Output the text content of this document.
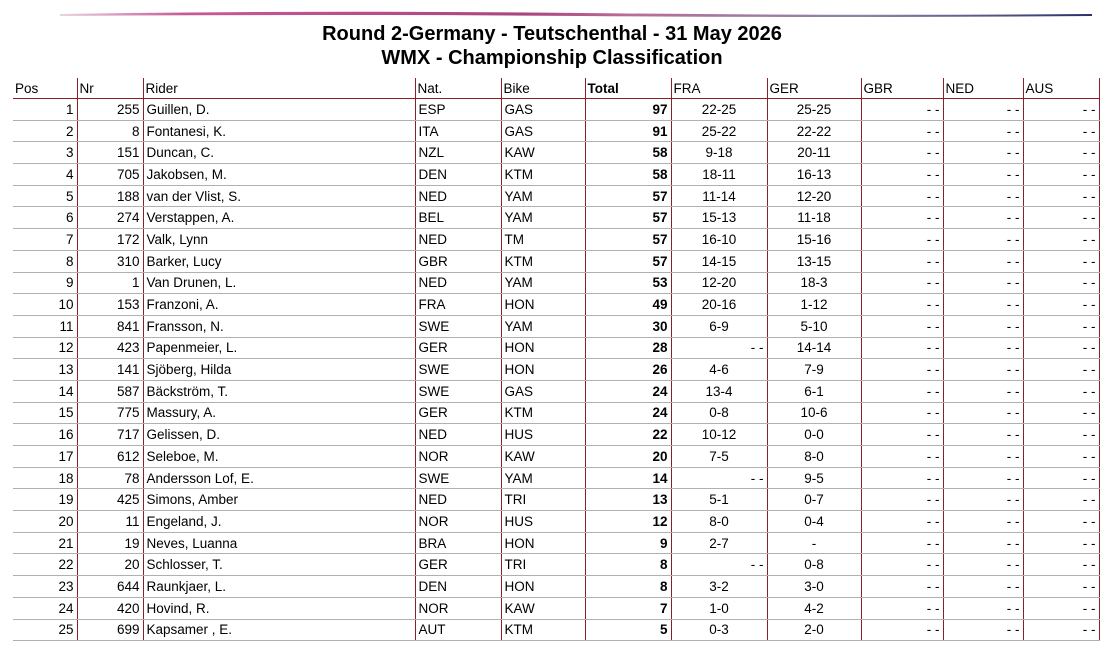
Round 2-Germany - Teutschenthal - 31 May 2026
WMX - Championship Classification
Pos	Nr	Rider	Nat.	Bike	Total	FRA	GER	GBR	NED	AUS
1	255	Guillen, D.	ESP	GAS	97	22-25	25-25	- -	- -	- -
2	8	Fontanesi, K.	ITA	GAS	91	25-22	22-22	- -	- -	- -
3	151	Duncan, C.	NZL	KAW	58	9-18	20-11	- -	- -	- -
4	705	Jakobsen, M.	DEN	KTM	58	18-11	16-13	- -	- -	- -
5	188	van der Vlist, S.	NED	YAM	57	11-14	12-20	- -	- -	- -
6	274	Verstappen, A.	BEL	YAM	57	15-13	11-18	- -	- -	- -
7	172	Valk, Lynn	NED	TM	57	16-10	15-16	- -	- -	- -
8	310	Barker, Lucy	GBR	KTM	57	14-15	13-15	- -	- -	- -
9	1	Van Drunen, L.	NED	YAM	53	12-20	18-3	- -	- -	- -
10	153	Franzoni, A.	FRA	HON	49	20-16	1-12	- -	- -	- -
11	841	Fransson, N.	SWE	YAM	30	6-9	5-10	- -	- -	- -
12	423	Papenmeier, L.	GER	HON	28	- -	14-14	- -	- -	- -
13	141	Sjöberg, Hilda	SWE	HON	26	4-6	7-9	- -	- -	- -
14	587	Bäckström, T.	SWE	GAS	24	13-4	6-1	- -	- -	- -
15	775	Massury, A.	GER	KTM	24	0-8	10-6	- -	- -	- -
16	717	Gelissen, D.	NED	HUS	22	10-12	0-0	- -	- -	- -
17	612	Seleboe, M.	NOR	KAW	20	7-5	8-0	- -	- -	- -
18	78	Andersson Lof, E.	SWE	YAM	14	- -	9-5	- -	- -	- -
19	425	Simons, Amber	NED	TRI	13	5-1	0-7	- -	- -	- -
20	11	Engeland, J.	NOR	HUS	12	8-0	0-4	- -	- -	- -
21	19	Neves, Luanna	BRA	HON	9	2-7	-	- -	- -	- -
22	20	Schlosser, T.	GER	TRI	8	- -	0-8	- -	- -	- -
23	644	Raunkjaer, L.	DEN	HON	8	3-2	3-0	- -	- -	- -
24	420	Hovind, R.	NOR	KAW	7	1-0	4-2	- -	- -	- -
25	699	Kapsamer , E.	AUT	KTM	5	0-3	2-0	- -	- -	- -
